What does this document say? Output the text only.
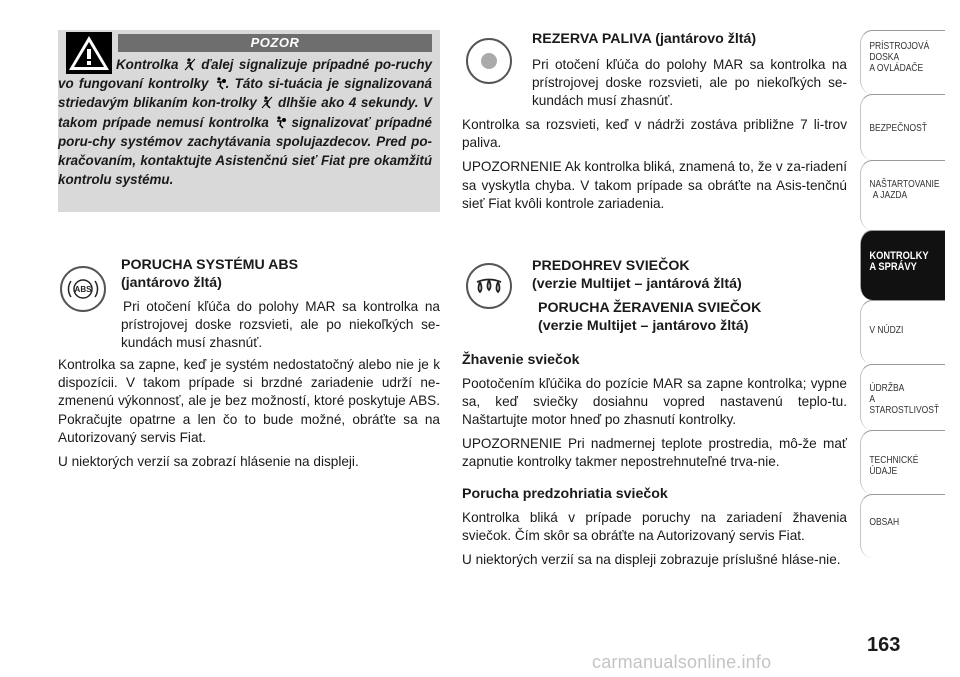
POZOR
Kontrolka ďalej signalizuje prípadné po-ruchy vo fungovaní kontrolky . Táto si-tuácia je signalizovaná striedavým blikaním kon-trolky dlhšie ako 4 sekundy. V takom prípade nemusí kontrolka signalizovať prípadné poru-chy systémov zachytávania spolujazdecov. Pred po-kračovaním, kontaktujte Asistenčnú sieť Fiat pre okamžitú kontrolu systému.
ABS
PORUCHA SYSTÉMU ABS
(jantárovo žltá)
Pri otočení kľúča do polohy MAR sa kontrolka na prístrojovej doske rozsvieti, ale po niekoľkých se-kundách musí zhasnúť.
Kontrolka sa zapne, keď je systém nedostatočný alebo nie je k dispozícii. V takom prípade si brzdné zariadenie udrží ne-zmenenú výkonnosť, ale je bez možností, ktoré poskytuje ABS. Pokračujte opatrne a len čo to bude možné, obráťte sa na Autorizovaný servis Fiat.
U niektorých verzií sa zobrazí hlásenie na displeji.
REZERVA PALIVA (jantárovo žltá)
Pri otočení kľúča do polohy MAR sa kontrolka na prístrojovej doske rozsvieti, ale po niekoľkých se-kundách musí zhasnúť.
Kontrolka sa rozsvieti, keď v nádrži zostáva približne 7 li-trov paliva.
UPOZORNENIE Ak kontrolka bliká, znamená to, že v za-riadení sa vyskytla chyba. V takom prípade sa obráťte na Asis-tenčnú sieť Fiat kvôli kontrole zariadenia.
PREDOHREV SVIEČOK
(verzie Multijet – jantárová žltá)
PORUCHA ŽERAVENIA SVIEČOK
(verzie Multijet – jantárovo žltá)
Žhavenie sviečok
Pootočením kľúčika do pozície MAR sa zapne kontrolka; vypne sa, keď sviečky dosiahnu vopred nastavenú teplo-tu. Naštartujte motor hneď po zhasnutí kontrolky.
UPOZORNENIE Pri nadmernej teplote prostredia, mô-že mať zapnutie kontrolky takmer nepostrehnuteľné trva-nie.
Porucha predzohriatia sviečok
Kontrolka bliká v prípade poruchy na zariadení žhavenia sviečok. Čím skôr sa obráťte na Autorizovaný servis Fiat.
U niektorých verzií sa na displeji zobrazuje príslušné hláse-nie.
PRÍSTROJOVÁ
DOSKA
A OVLÁDAČE
BEZPEČNOSŤ
NAŠTARTOVANIE
A JAZDA
KONTROLKY
A SPRÁVY
V NÚDZI
ÚDRŽBA
A STAROSTLIVOSŤ
TECHNICKÉ ÚDAJE
OBSAH
163
carmanualsonline.info
